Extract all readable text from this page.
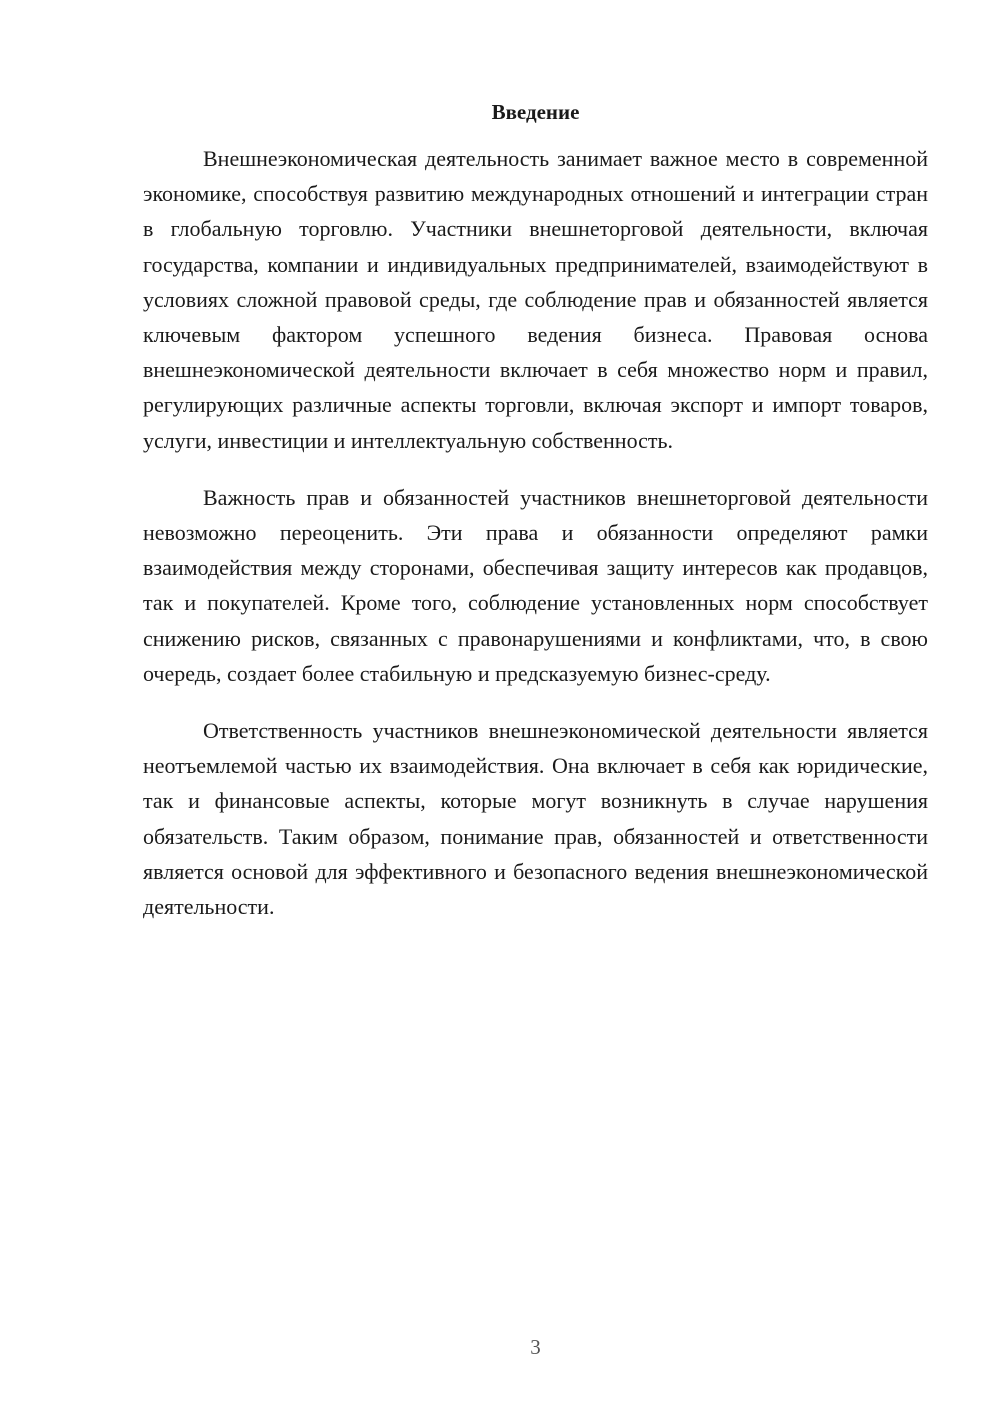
Введение

Внешнеэкономическая деятельность занимает важное место в современной экономике, способствуя развитию международных отношений и интеграции стран в глобальную торговлю. Участники внешнеторговой деятельности, включая государства, компании и индивидуальных предпринимателей, взаимодействуют в условиях сложной правовой среды, где соблюдение прав и обязанностей является ключевым фактором успешного ведения бизнеса. Правовая основа внешнеэкономической деятельности включает в себя множество норм и правил, регулирующих различные аспекты торговли, включая экспорт и импорт товаров, услуги, инвестиции и интеллектуальную собственность.

Важность прав и обязанностей участников внешнеторговой деятельности невозможно переоценить. Эти права и обязанности определяют рамки взаимодействия между сторонами, обеспечивая защиту интересов как продавцов, так и покупателей. Кроме того, соблюдение установленных норм способствует снижению рисков, связанных с правонарушениями и конфликтами, что, в свою очередь, создает более стабильную и предсказуемую бизнес-среду.

Ответственность участников внешнеэкономической деятельности является неотъемлемой частью их взаимодействия. Она включает в себя как юридические, так и финансовые аспекты, которые могут возникнуть в случае нарушения обязательств. Таким образом, понимание прав, обязанностей и ответственности является основой для эффективного и безопасного ведения внешнеэкономической деятельности.

3
